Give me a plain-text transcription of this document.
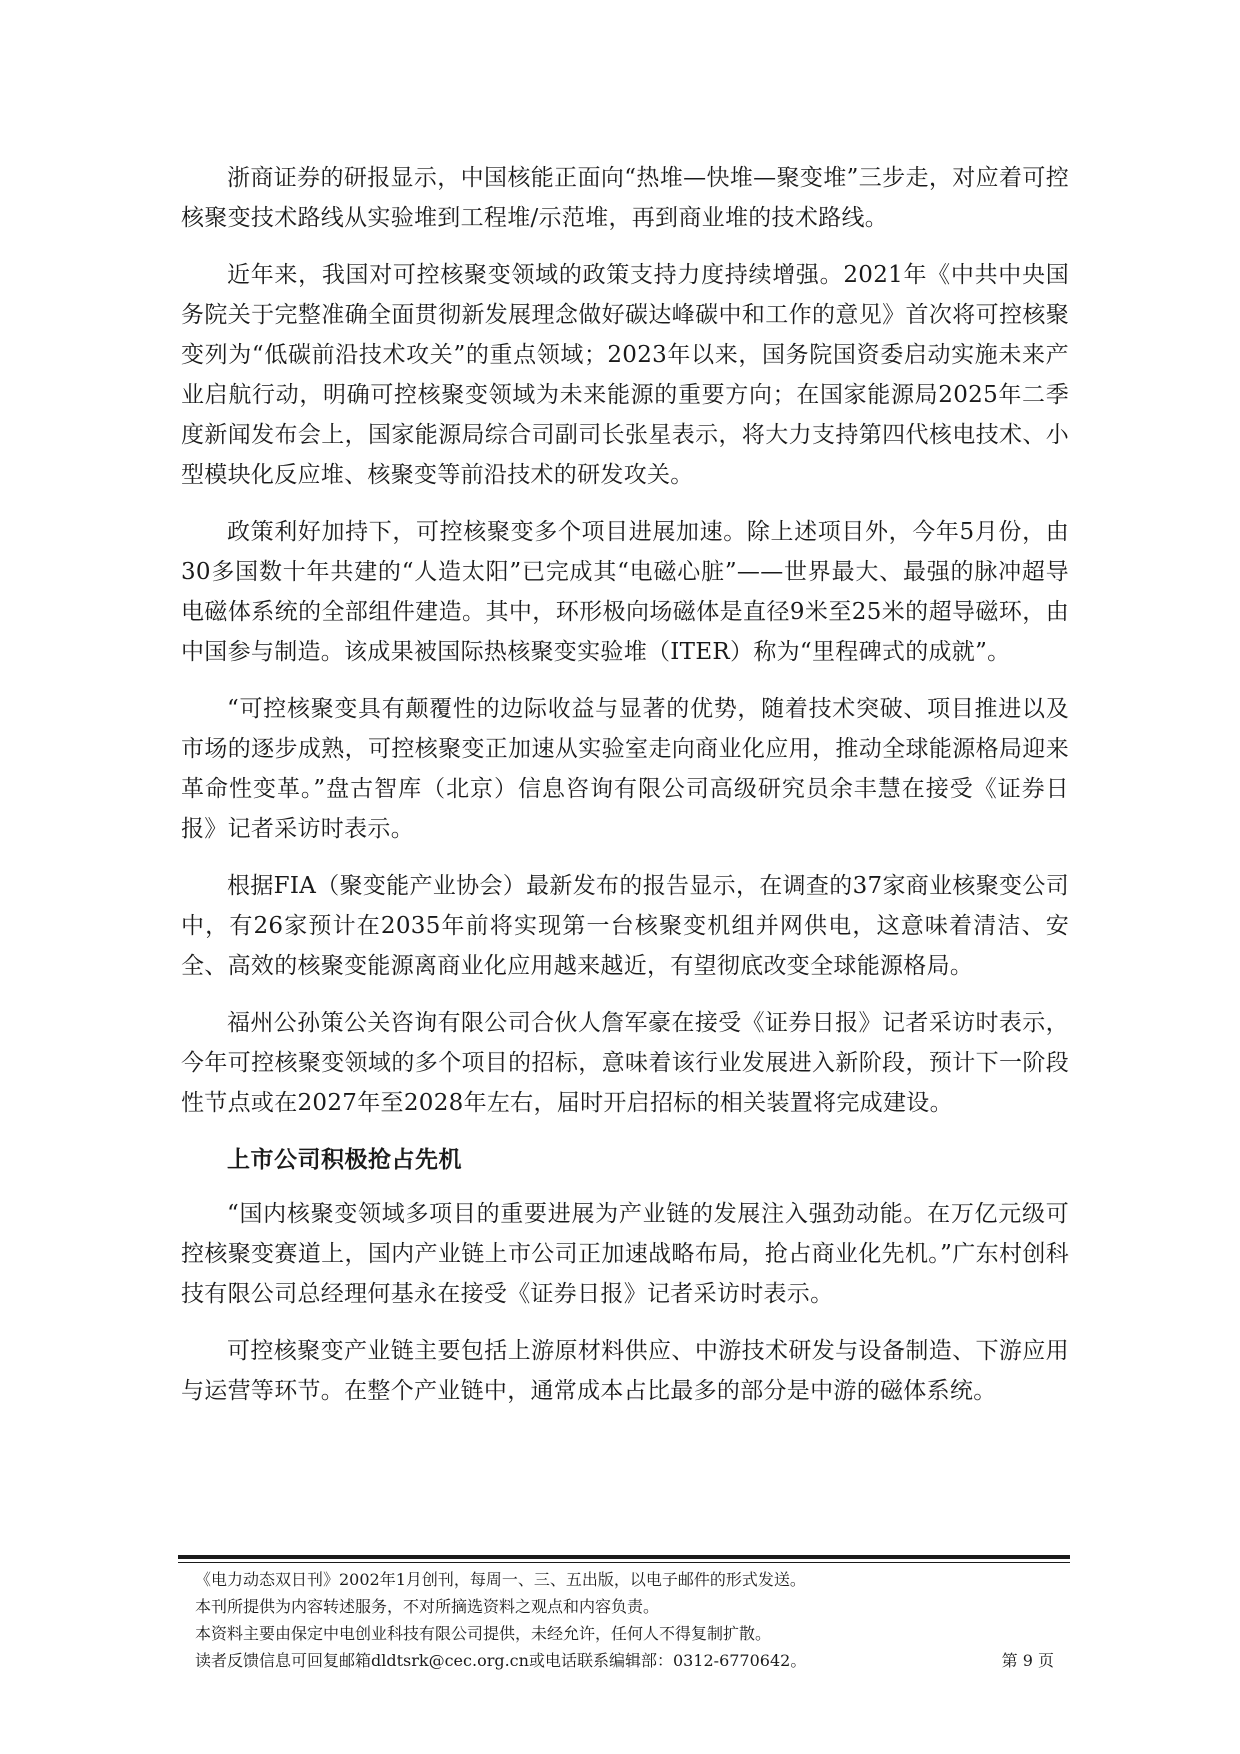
浙商证券的研报显示，中国核能正面向“热堆—快堆—聚变堆”三步走，对应着可控核聚变技术路线从实验堆到工程堆/示范堆，再到商业堆的技术路线。

近年来，我国对可控核聚变领域的政策支持力度持续增强。2021年《中共中央国务院关于完整准确全面贯彻新发展理念做好碳达峰碳中和工作的意见》首次将可控核聚变列为“低碳前沿技术攻关”的重点领域；2023年以来，国务院国资委启动实施未来产业启航行动，明确可控核聚变领域为未来能源的重要方向；在国家能源局2025年二季度新闻发布会上，国家能源局综合司副司长张星表示，将大力支持第四代核电技术、小型模块化反应堆、核聚变等前沿技术的研发攻关。

政策利好加持下，可控核聚变多个项目进展加速。除上述项目外，今年5月份，由30多国数十年共建的“人造太阳”已完成其“电磁心脏”——世界最大、最强的脉冲超导电磁体系统的全部组件建造。其中，环形极向场磁体是直径9米至25米的超导磁环，由中国参与制造。该成果被国际热核聚变实验堆（ITER）称为“里程碑式的成就”。

“可控核聚变具有颠覆性的边际收益与显著的优势，随着技术突破、项目推进以及市场的逐步成熟，可控核聚变正加速从实验室走向商业化应用，推动全球能源格局迎来革命性变革。”盘古智库（北京）信息咨询有限公司高级研究员余丰慧在接受《证券日报》记者采访时表示。

根据FIA（聚变能产业协会）最新发布的报告显示，在调查的37家商业核聚变公司中，有26家预计在2035年前将实现第一台核聚变机组并网供电，这意味着清洁、安全、高效的核聚变能源离商业化应用越来越近，有望彻底改变全球能源格局。

福州公孙策公关咨询有限公司合伙人詹军豪在接受《证券日报》记者采访时表示，今年可控核聚变领域的多个项目的招标，意味着该行业发展进入新阶段，预计下一阶段性节点或在2027年至2028年左右，届时开启招标的相关装置将完成建设。

上市公司积极抢占先机

“国内核聚变领域多项目的重要进展为产业链的发展注入强劲动能。在万亿元级可控核聚变赛道上，国内产业链上市公司正加速战略布局，抢占商业化先机。”广东村创科技有限公司总经理何基永在接受《证券日报》记者采访时表示。

可控核聚变产业链主要包括上游原材料供应、中游技术研发与设备制造、下游应用与运营等环节。在整个产业链中，通常成本占比最多的部分是中游的磁体系统。

《电力动态双日刊》2002年1月创刊，每周一、三、五出版，以电子邮件的形式发送。

本刊所提供为内容转述服务，不对所摘选资料之观点和内容负责。

本资料主要由保定中电创业科技有限公司提供，未经允许，任何人不得复制扩散。

读者反馈信息可回复邮箱dldtsrk@cec.org.cn或电话联系编辑部：0312-6770642。	第 9 页
